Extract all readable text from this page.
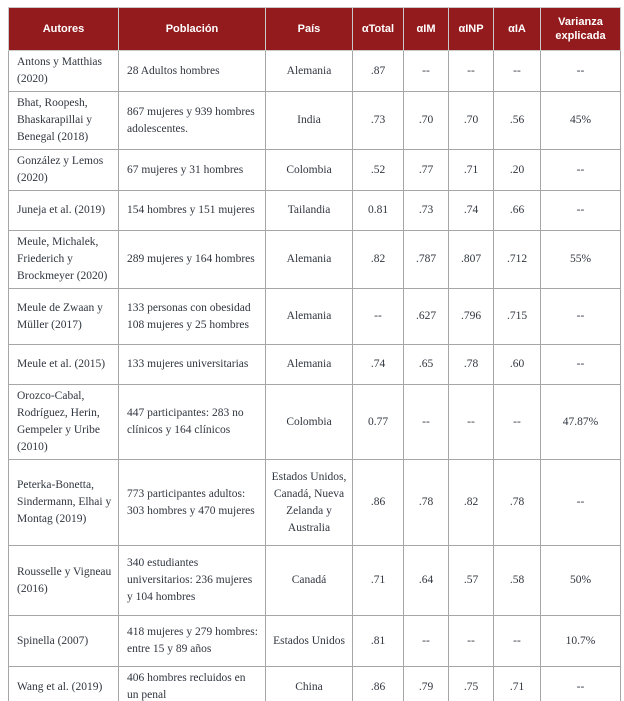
Autores	Población	País	αTotal	αIM	αINP	αIA	Varianza explicada
Antons y Matthias (2020)	28 Adultos hombres	Alemania	.87	--	--	--	--
Bhat, Roopesh, Bhaskarapillai y Benegal (2018)	867 mujeres y 939 hombres adolescentes.	India	.73	.70	.70	.56	45%
González y Lemos (2020)	67 mujeres y 31 hombres	Colombia	.52	.77	.71	.20	--
Juneja et al. (2019)	154 hombres y 151 mujeres	Tailandia	0.81	.73	.74	.66	--
Meule, Michalek, Friederich y Brockmeyer (2020)	289 mujeres y 164 hombres	Alemania	.82	.787	.807	.712	55%
Meule de Zwaan y Müller (2017)	133 personas con obesidad 108 mujeres y 25 hombres	Alemania	--	.627	.796	.715	--
Meule et al. (2015)	133 mujeres universitarias	Alemania	.74	.65	.78	.60	--
Orozco-Cabal, Rodríguez, Herin, Gempeler y Uribe (2010)	447 participantes: 283 no clínicos y 164 clínicos	Colombia	0.77	--	--	--	47.87%
Peterka-Bonetta, Sindermann, Elhai y Montag (2019)	773 participantes adultos: 303 hombres y 470 mujeres	Estados Unidos, Canadá, Nueva Zelanda y Australia	.86	.78	.82	.78	--
Rousselle y Vigneau (2016)	340 estudiantes universitarios: 236 mujeres y 104 hombres	Canadá	.71	.64	.57	.58	50%
Spinella (2007)	418 mujeres y 279 hombres: entre 15 y 89 años	Estados Unidos	.81	--	--	--	10.7%
Wang et al. (2019)	406 hombres recluidos en un penal	China	.86	.79	.75	.71	--
